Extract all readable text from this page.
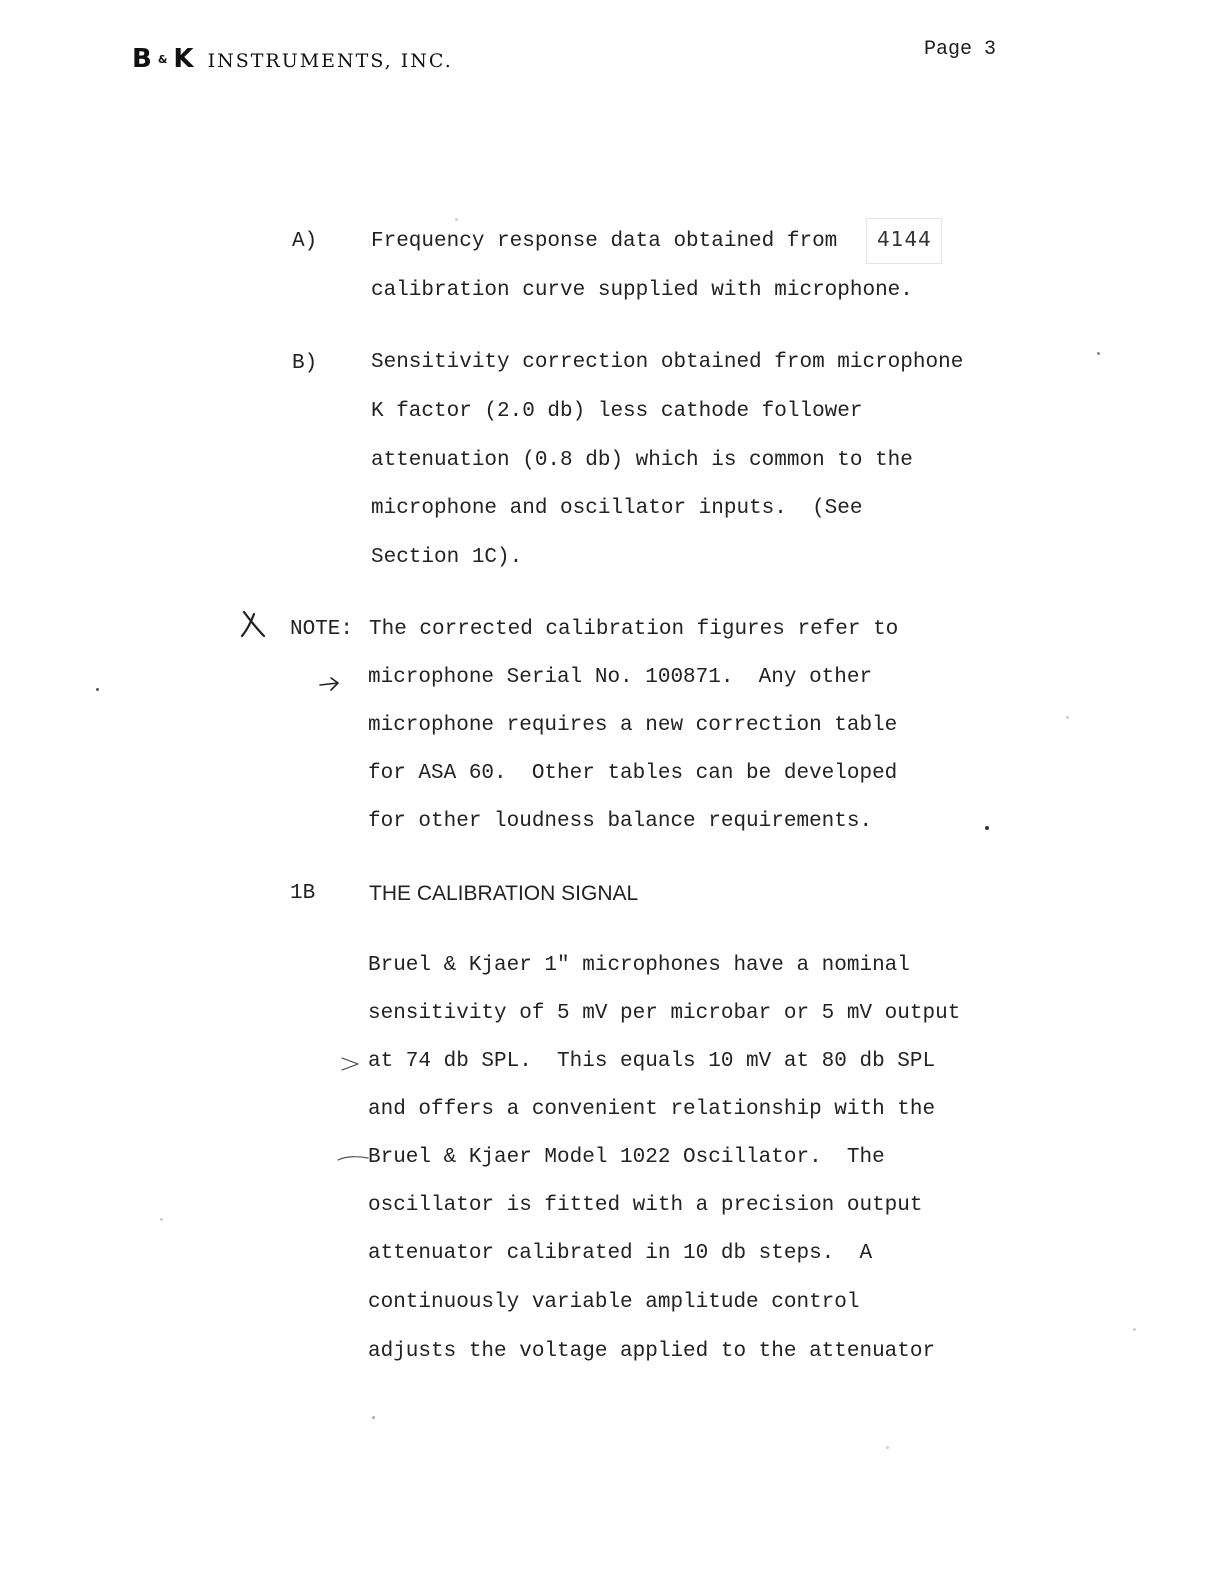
B & K INSTRUMENTS, INC.	Page 3
A)	Frequency response data obtained from 4144
calibration curve supplied with microphone.
B)	Sensitivity correction obtained from microphone
K factor (2.0 db) less cathode follower
attenuation (0.8 db) which is common to the
microphone and oscillator inputs.  (See
Section 1C).
NOTE: The corrected calibration figures refer to
microphone Serial No. 100871.  Any other
microphone requires a new correction table
for ASA 60.  Other tables can be developed
for other loudness balance requirements.
1B	THE CALIBRATION SIGNAL
Bruel & Kjaer 1" microphones have a nominal
sensitivity of 5 mV per microbar or 5 mV output
at 74 db SPL.  This equals 10 mV at 80 db SPL
and offers a convenient relationship with the
Bruel & Kjaer Model 1022 Oscillator.  The
oscillator is fitted with a precision output
attenuator calibrated in 10 db steps.  A
continuously variable amplitude control
adjusts the voltage applied to the attenuator
